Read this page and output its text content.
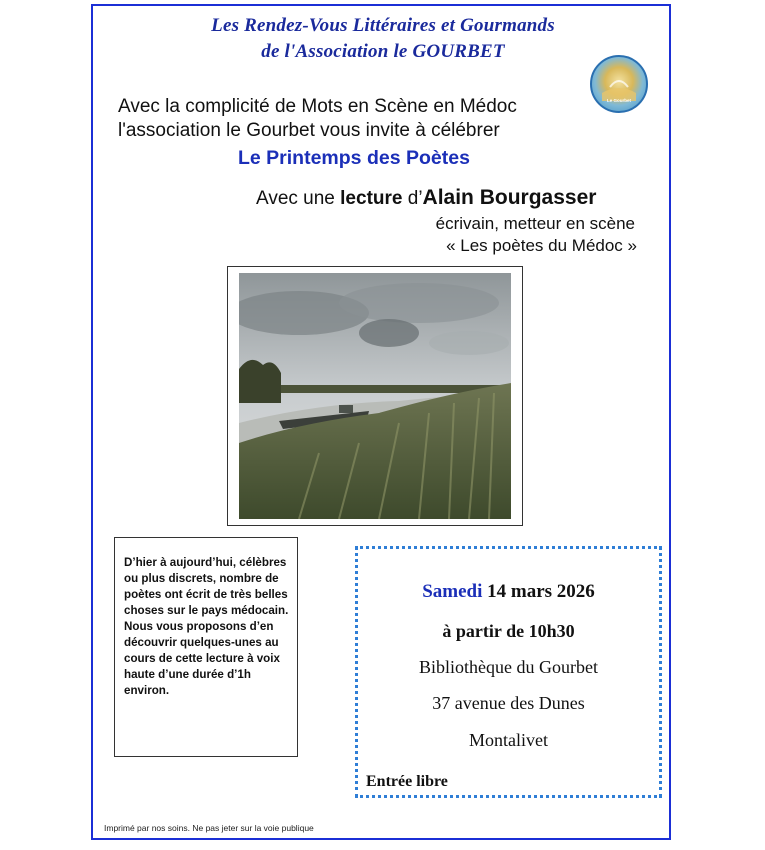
Les Rendez-Vous Littéraires et Gourmands
de l'Association le GOURBET
Le Gourbet
Avec la complicité de Mots en Scène en Médoc
l'association le Gourbet vous invite à célébrer
Le Printemps des Poètes
Avec une lecture d’Alain Bourgasser
écrivain, metteur en scène
« Les poètes du Médoc »

D’hier à aujourd’hui, célèbres ou plus discrets, nombre de poètes ont écrit de très belles choses sur le pays médocain. Nous vous proposons d’en découvrir quelques-unes au cours de cette lecture à voix haute d’une durée d’1h environ.

Samedi 14 mars 2026
à partir de 10h30
Bibliothèque du Gourbet
37 avenue des Dunes
Montalivet
Entrée libre
Imprimé par nos soins. Ne pas jeter sur la voie publique
